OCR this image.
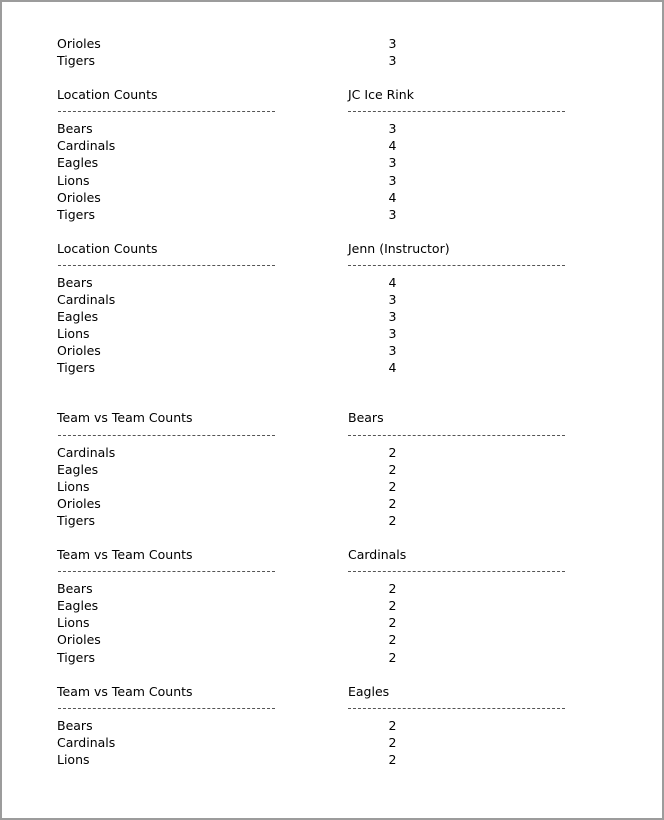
Orioles	3
Tigers	3
Location Counts	JC Ice Rink
Bears	3
Cardinals	4
Eagles	3
Lions	3
Orioles	4
Tigers	3
Location Counts	Jenn (Instructor)
Bears	4
Cardinals	3
Eagles	3
Lions	3
Orioles	3
Tigers	4
Team vs Team Counts	Bears
Cardinals	2
Eagles	2
Lions	2
Orioles	2
Tigers	2
Team vs Team Counts	Cardinals
Bears	2
Eagles	2
Lions	2
Orioles	2
Tigers	2
Team vs Team Counts	Eagles
Bears	2
Cardinals	2
Lions	2
